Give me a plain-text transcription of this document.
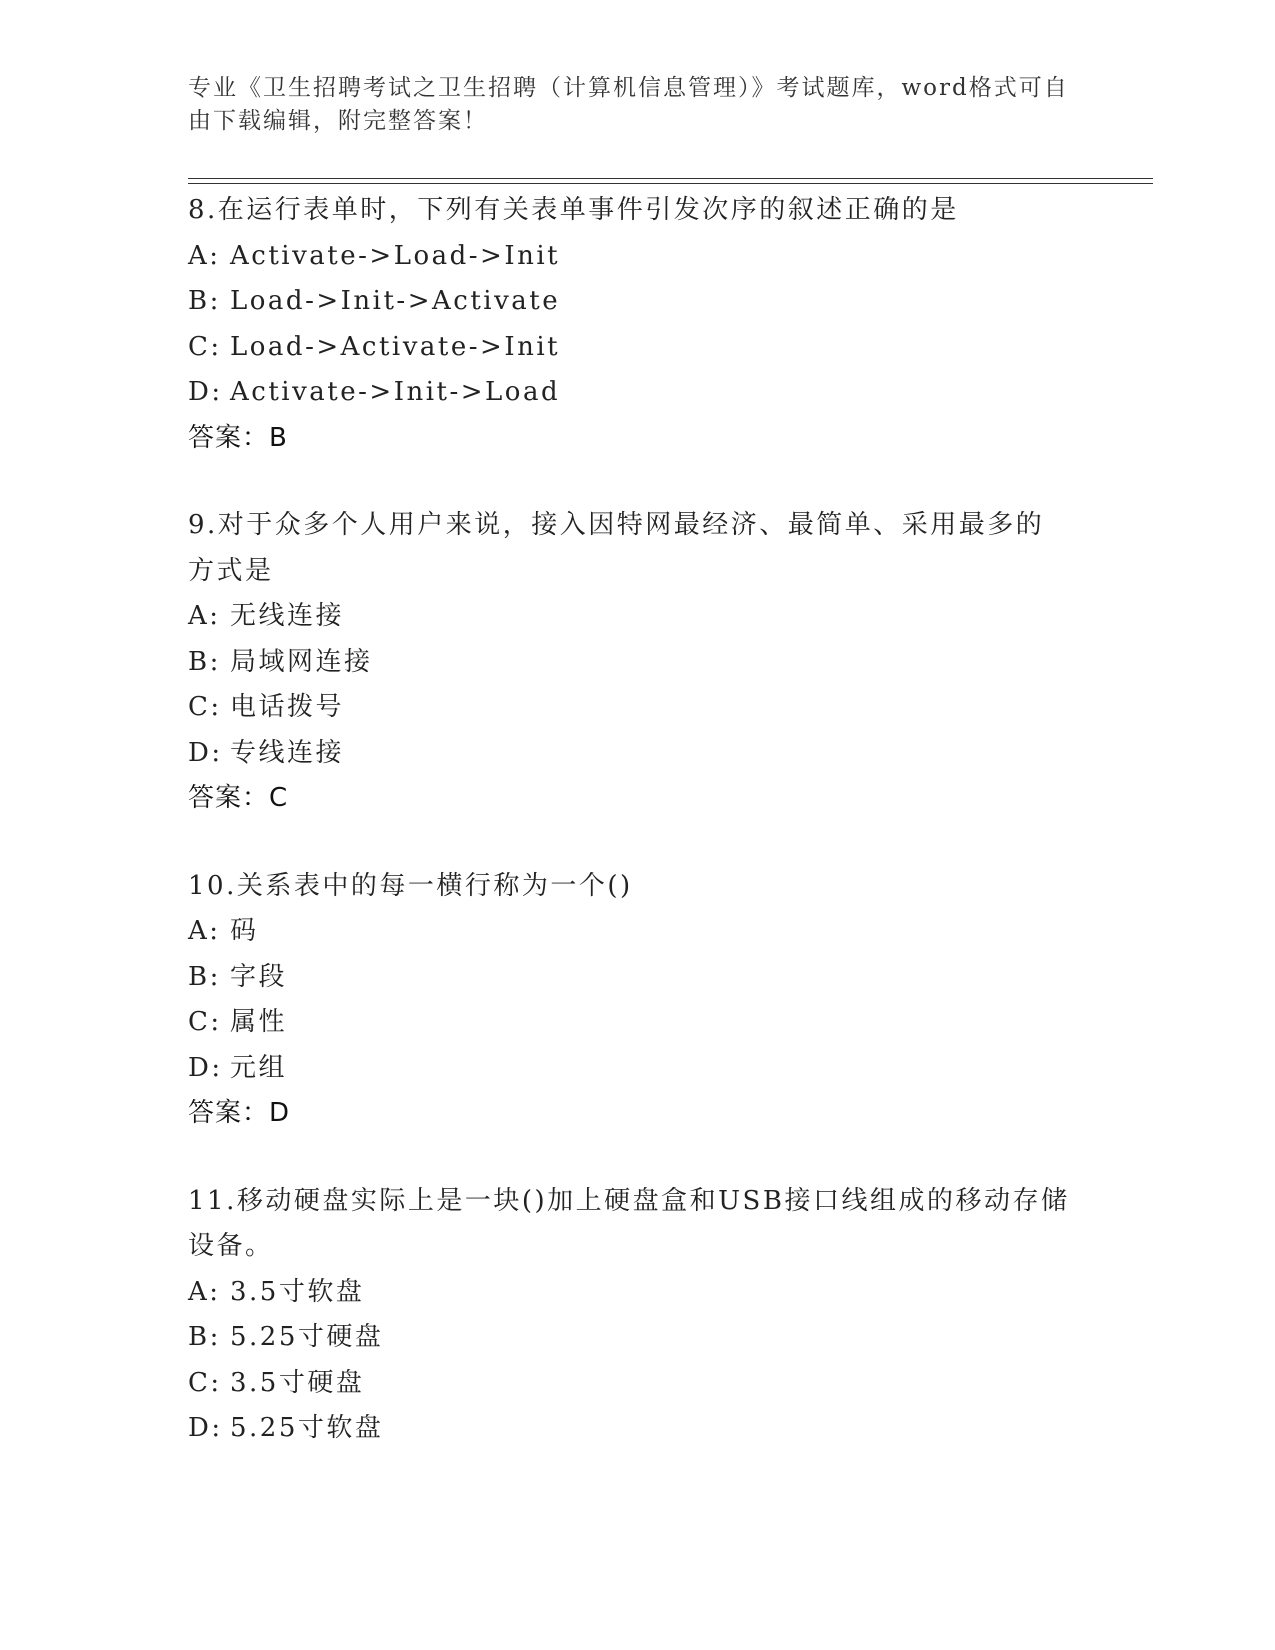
专业《卫生招聘考试之卫生招聘（计算机信息管理）》考试题库，word格式可自
由下载编辑，附完整答案！
8.在运行表单时，下列有关表单事件引发次序的叙述正确的是
A: Activate->Load->Init
B: Load->Init->Activate
C: Load->Activate->Init
D: Activate->Init->Load
答案：B
9.对于众多个人用户来说，接入因特网最经济、最简单、采用最多的
方式是
A: 无线连接
B: 局域网连接
C: 电话拨号
D: 专线连接
答案：C
10.关系表中的每一横行称为一个()
A: 码
B: 字段
C: 属性
D: 元组
答案：D
11.移动硬盘实际上是一块()加上硬盘盒和USB接口线组成的移动存储
设备。
A: 3.5寸软盘
B: 5.25寸硬盘
C: 3.5寸硬盘
D: 5.25寸软盘
